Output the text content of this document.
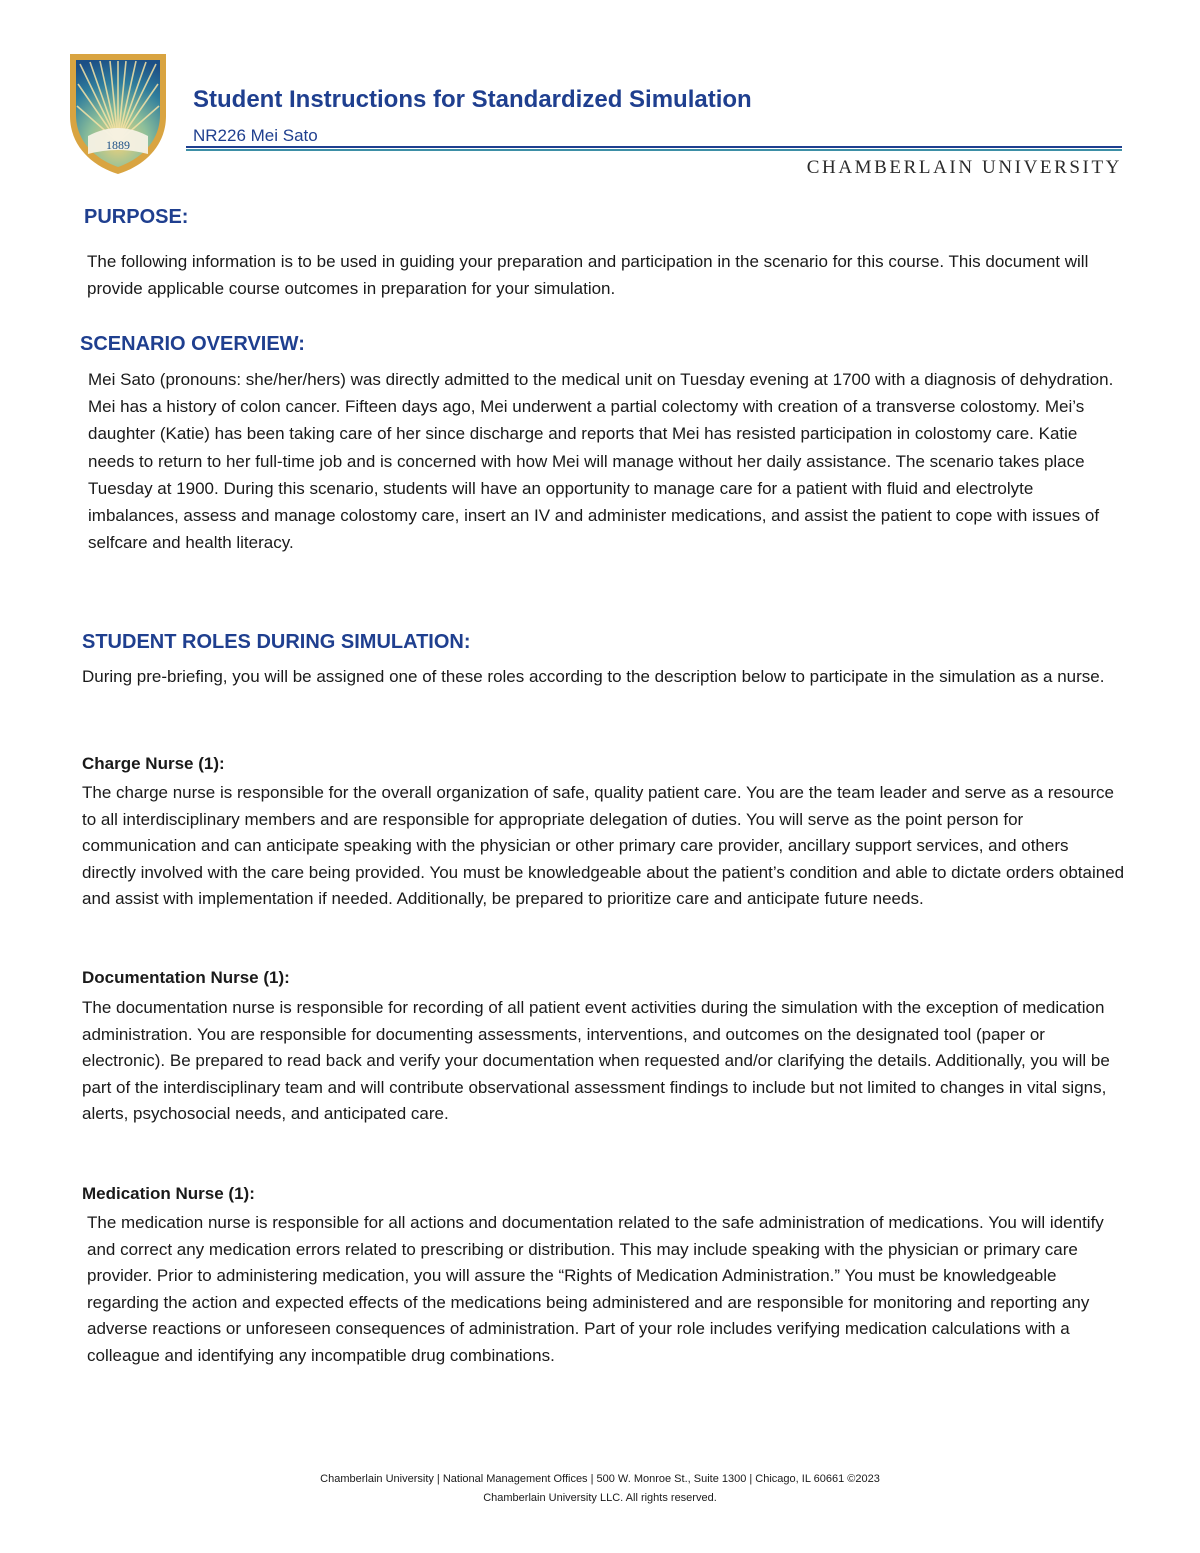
1889
Student Instructions for Standardized Simulation
NR226 Mei Sato
CHAMBERLAIN UNIVERSITY
PURPOSE:

The following information is to be used in guiding your preparation and participation in the scenario for this course. This document will provide applicable course outcomes in preparation for your simulation.

SCENARIO OVERVIEW:

Mei Sato (pronouns: she/her/hers) was directly admitted to the medical unit on Tuesday evening at 1700 with a diagnosis of dehydration. Mei has a history of colon cancer. Fifteen days ago, Mei underwent a partial colectomy with creation of a transverse colostomy. Mei’s daughter (Katie) has been taking care of her since discharge and reports that Mei has resisted participation in colostomy care. Katie needs to return to her full-time job and is concerned with how Mei will manage without her daily assistance. The scenario takes place Tuesday at 1900. During this scenario, students will have an opportunity to manage care for a patient with fluid and electrolyte imbalances, assess and manage colostomy care, insert an IV and administer medications, and assist the patient to cope with issues of selfcare and health literacy.

STUDENT ROLES DURING SIMULATION:

During pre-briefing, you will be assigned one of these roles according to the description below to participate in the simulation as a nurse.

Charge Nurse (1):

The charge nurse is responsible for the overall organization of safe, quality patient care. You are the team leader and serve as a resource to all interdisciplinary members and are responsible for appropriate delegation of duties. You will serve as the point person for communication and can anticipate speaking with the physician or other primary care provider, ancillary support services, and others directly involved with the care being provided. You must be knowledgeable about the patient’s condition and able to dictate orders obtained and assist with implementation if needed. Additionally, be prepared to prioritize care and anticipate future needs.

Documentation Nurse (1):

The documentation nurse is responsible for recording of all patient event activities during the simulation with the exception of medication administration. You are responsible for documenting assessments, interventions, and outcomes on the designated tool (paper or electronic). Be prepared to read back and verify your documentation when requested and/or clarifying the details. Additionally, you will be part of the interdisciplinary team and will contribute observational assessment findings to include but not limited to changes in vital signs, alerts, psychosocial needs, and anticipated care.

Medication Nurse (1):

The medication nurse is responsible for all actions and documentation related to the safe administration of medications. You will identify and correct any medication errors related to prescribing or distribution. This may include speaking with the physician or primary care provider. Prior to administering medication, you will assure the “Rights of Medication Administration.” You must be knowledgeable regarding the action and expected effects of the medications being administered and are responsible for monitoring and reporting any adverse reactions or unforeseen consequences of administration. Part of your role includes verifying medication calculations with a colleague and identifying any incompatible drug combinations.

Chamberlain University | National Management Offices | 500 W. Monroe St., Suite 1300 | Chicago, IL 60661 ©2023
Chamberlain University LLC. All rights reserved.
